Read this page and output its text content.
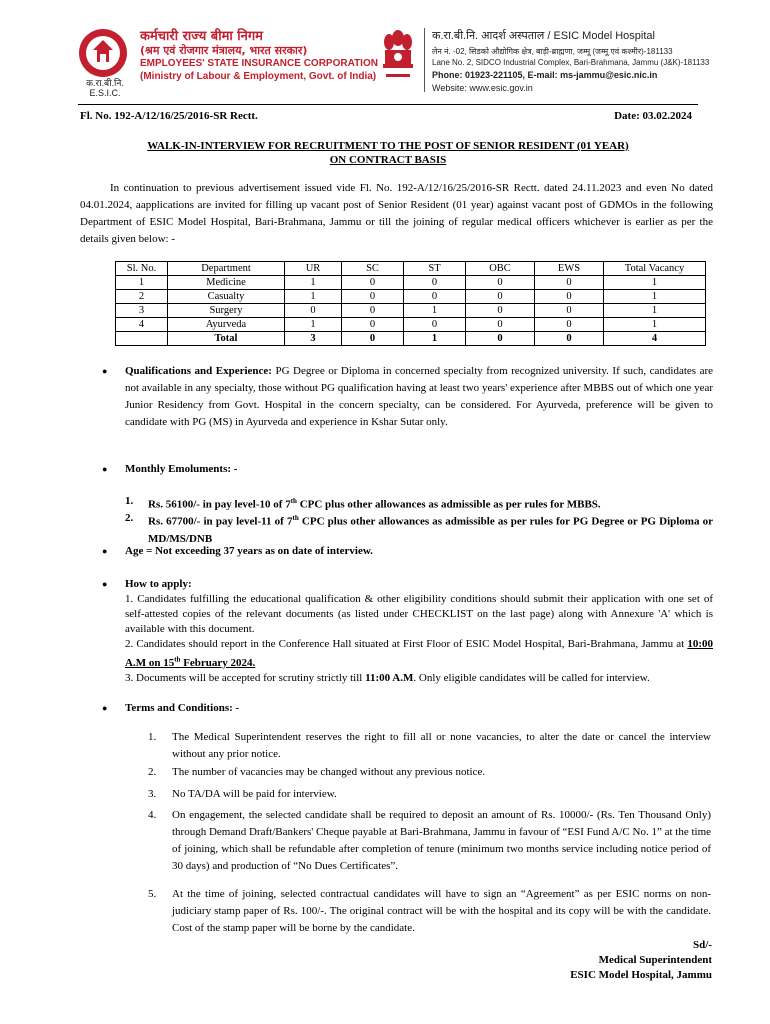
क.रा.बी.नि.
E.S.I.C.
कर्मचारी राज्य बीमा निगम
(श्रम एवं रोजगार मंत्रालय, भारत सरकार)
EMPLOYEES' STATE INSURANCE CORPORATION
(Ministry of Labour & Employment, Govt. of India)
क.रा.बी.नि. आदर्श अस्पताल / ESIC Model Hospital
लेन नं. -02, सिडको औद्योगिक क्षेत्र, बाड़ी-ब्राह्मणा, जम्मू (जम्मू एवं कश्मीर)-181133
Lane No. 2, SIDCO Industrial Complex, Bari-Brahmana, Jammu (J&K)-181133
Phone: 01923-221105, E-mail: ms-jammu@esic.nic.in
Website: www.esic.gov.in
Fl. No. 192-A/12/16/25/2016-SR Rectt.	Date: 03.02.2024
WALK-IN-INTERVIEW FOR RECRUITMENT TO THE POST OF SENIOR RESIDENT (01 YEAR)
ON CONTRACT BASIS

In continuation to previous advertisement issued vide Fl. No. 192-A/12/16/25/2016-SR Rectt. dated 24.11.2023 and even No dated 04.01.2024, aapplications are invited for filling up vacant post of Senior Resident (01 year) against vacant post of GDMOs in the following Department of ESIC Model Hospital, Bari-Brahmana, Jammu or till the joining of regular medical officers whichever is earlier as per the details given below: -

Sl. No.	Department	UR	SC	ST	OBC	EWS	Total Vacancy
1	Medicine	1	0	0	0	0	1
2	Casualty	1	0	0	0	0	1
3	Surgery	0	0	1	0	0	1
4	Ayurveda	1	0	0	0	0	1
	Total	3	0	1	0	0	4
● Qualifications and Experience: PG Degree or Diploma in concerned specialty from recognized university. If such, candidates are not available in any specialty, those without PG qualification having at least two years' experience after MBBS out of which one year Junior Residency from Govt. Hospital in the concern specialty, can be considered. For Ayurveda, preference will be given to candidate with PG (MS) in Ayurveda and experience in Kshar Sutar only.
● Monthly Emoluments: -
1. Rs. 56100/- in pay level-10 of 7th CPC plus other allowances as admissible as per rules for MBBS.
2. Rs. 67700/- in pay level-11 of 7th CPC plus other allowances as admissible as per rules for PG Degree or PG Diploma or MD/MS/DNB
● Age = Not exceeding 37 years as on date of interview.
● How to apply:
1. Candidates fulfilling the educational qualification & other eligibility conditions should submit their application with one set of self-attested copies of the relevant documents (as listed under CHECKLIST on the last page) along with Annexure 'A' which is available with this document.
2. Candidates should report in the Conference Hall situated at First Floor of ESIC Model Hospital, Bari-Brahmana, Jammu at 10:00 A.M on 15th February 2024.
3. Documents will be accepted for scrutiny strictly till 11:00 A.M. Only eligible candidates will be called for interview.
● Terms and Conditions: -
1. The Medical Superintendent reserves the right to fill all or none vacancies, to alter the date or cancel the interview without any prior notice.
2. The number of vacancies may be changed without any previous notice.
3. No TA/DA will be paid for interview.
4. On engagement, the selected candidate shall be required to deposit an amount of Rs. 10000/- (Rs. Ten Thousand Only) through Demand Draft/Bankers' Cheque payable at Bari-Brahmana, Jammu in favour of “ESI Fund A/C No. 1” at the time of joining, which shall be refundable after completion of tenure (minimum two months service including notice period of 30 days) and production of “No Dues Certificates”.
5. At the time of joining, selected contractual candidates will have to sign an “Agreement” as per ESIC norms on non-judiciary stamp paper of Rs. 100/-. The original contract will be with the hospital and its copy will be with the candidate. Cost of the stamp paper will be borne by the candidate.
Sd/-
Medical Superintendent
ESIC Model Hospital, Jammu
